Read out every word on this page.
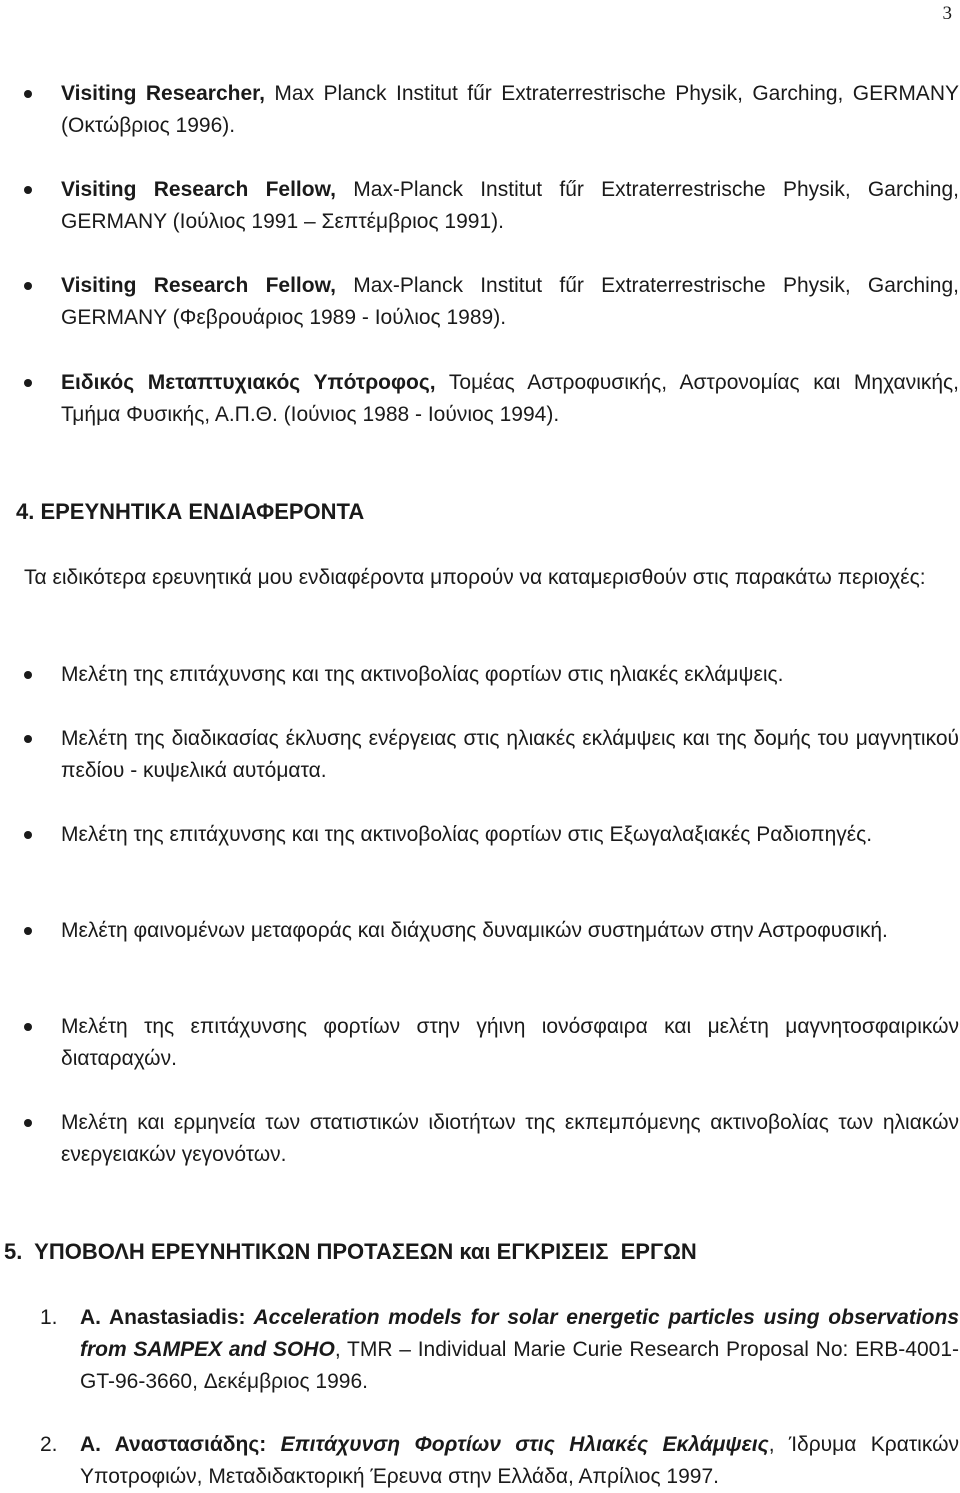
3
Visiting Researcher, Max Planck Institut fűr Extraterrestrische Physik, Garching, GERMANY (Οκτώβριος 1996).
Visiting Research Fellow, Max-Planck Institut fűr Extraterrestrische Physik, Garching, GERMANY (Ιούλιος 1991 – Σεπτέμβριος 1991).
Visiting Research Fellow, Max-Planck Institut fűr Extraterrestrische Physik, Garching, GERMANY (Φεβρουάριος 1989 - Ιούλιος 1989).
Ειδικός Μεταπτυχιακός Υπότροφος, Τομέας Αστροφυσικής, Αστρονομίας και Μηχανικής, Τμήμα Φυσικής, Α.Π.Θ. (Ιούνιος 1988 - Ιούνιος 1994).
4. ΕΡΕΥΝΗΤΙΚΑ ΕΝΔΙΑΦΕΡΟΝΤΑ
Τα ειδικότερα ερευνητικά μου ενδιαφέροντα μπορούν να καταμερισθούν στις παρακάτω περιοχές:
Μελέτη της επιτάχυνσης και της ακτινοβολίας φορτίων στις ηλιακές εκλάμψεις.
Μελέτη της διαδικασίας έκλυσης ενέργειας στις ηλιακές εκλάμψεις και της δομής του μαγνητικού πεδίου - κυψελικά αυτόματα.
Μελέτη της επιτάχυνσης και της ακτινοβολίας φορτίων στις Εξωγαλαξιακές Ραδιοπηγές.
Μελέτη φαινομένων μεταφοράς και διάχυσης δυναμικών συστημάτων στην Αστροφυσική.
Μελέτη της επιτάχυνσης φορτίων στην γήινη ιονόσφαιρα και μελέτη μαγνητοσφαιρικών διαταραχών.
Μελέτη και ερμηνεία των στατιστικών ιδιοτήτων της εκπεμπόμενης ακτινοβολίας των ηλιακών ενεργειακών γεγονότων.
5.  ΥΠΟΒΟΛΗ ΕΡΕΥΝΗΤΙΚΩΝ ΠΡΟΤΑΣΕΩΝ και ΕΓΚΡΙΣΕΙΣ  ΕΡΓΩΝ
1. A. Anastasiadis: Acceleration models for solar energetic particles using observations from SAMPEX and SOHO, TMR – Individual Marie Curie Research Proposal No: ERB-4001-GT-96-3660, Δεκέμβριος 1996.
2. Α. Αναστασιάδης: Επιτάχυνση Φορτίων στις Ηλιακές Εκλάμψεις, Ίδρυμα Κρατικών Υποτροφιών, Μεταδιδακτορική Έρευνα στην Ελλάδα, Απρίλιος 1997.
